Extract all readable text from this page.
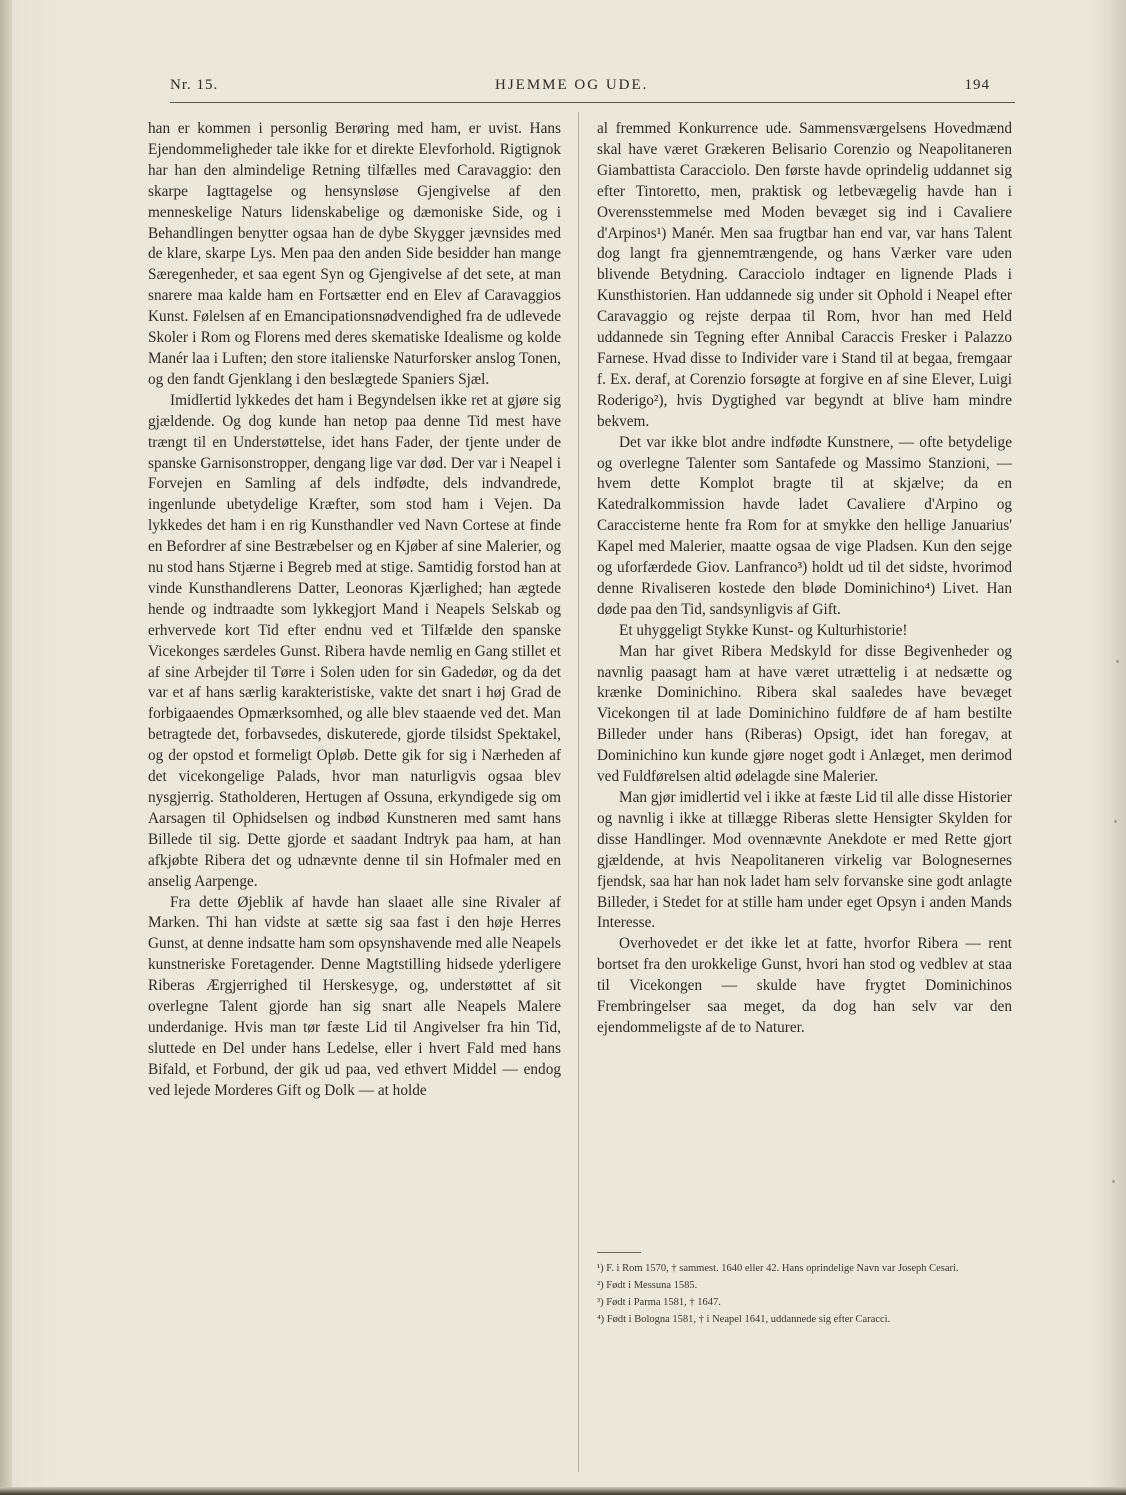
Nr. 15.	HJEMME OG UDE.	194

han er kommen i personlig Berøring med ham, er uvist. Hans Ejendommeligheder tale ikke for et direkte Elevforhold. Rigtignok har han den almindelige Retning tilfælles med Caravaggio: den skarpe Iagttagelse og hensynsløse Gjengivelse af den menneskelige Naturs lidenskabelige og dæmoniske Side, og i Behandlingen benytter ogsaa han de dybe Skygger jævnsides med de klare, skarpe Lys. Men paa den anden Side besidder han mange Særegenheder, et saa egent Syn og Gjengivelse af det sete, at man snarere maa kalde ham en Fortsætter end en Elev af Caravaggios Kunst. Følelsen af en Emancipationsnødvendighed fra de udlevede Skoler i Rom og Florens med deres skematiske Idealisme og kolde Manér laa i Luften; den store italienske Naturforsker anslog Tonen, og den fandt Gjenklang i den beslægtede Spaniers Sjæl.

Imidlertid lykkedes det ham i Begyndelsen ikke ret at gjøre sig gjældende. Og dog kunde han netop paa denne Tid mest have trængt til en Understøttelse, idet hans Fader, der tjente under de spanske Garnisonstropper, dengang lige var død. Der var i Neapel i Forvejen en Samling af dels indfødte, dels indvandrede, ingenlunde ubetydelige Kræfter, som stod ham i Vejen. Da lykkedes det ham i en rig Kunsthandler ved Navn Cortese at finde en Befordrer af sine Bestræbelser og en Kjøber af sine Malerier, og nu stod hans Stjærne i Begreb med at stige. Samtidig forstod han at vinde Kunsthandlerens Datter, Leonoras Kjærlighed; han ægtede hende og indtraadte som lykkegjort Mand i Neapels Selskab og erhvervede kort Tid efter endnu ved et Tilfælde den spanske Vicekonges særdeles Gunst. Ribera havde nemlig en Gang stillet et af sine Arbejder til Tørre i Solen uden for sin Gadedør, og da det var et af hans særlig karakteristiske, vakte det snart i høj Grad de forbigaaendes Opmærksomhed, og alle blev staaende ved det. Man betragtede det, forbavsedes, diskuterede, gjorde tilsidst Spektakel, og der opstod et formeligt Opløb. Dette gik for sig i Nærheden af det vicekongelige Palads, hvor man naturligvis ogsaa blev nysgjerrig. Statholderen, Hertugen af Ossuna, erkyndigede sig om Aarsagen til Ophidselsen og indbød Kunstneren med samt hans Billede til sig. Dette gjorde et saadant Indtryk paa ham, at han afkjøbte Ribera det og udnævnte denne til sin Hofmaler med en anselig Aarpenge.

Fra dette Øjeblik af havde han slaaet alle sine Rivaler af Marken. Thi han vidste at sætte sig saa fast i den høje Herres Gunst, at denne indsatte ham som opsynshavende med alle Neapels kunstneriske Foretagender. Denne Magtstilling hidsede yderligere Riberas Ærgjerrighed til Herskesyge, og, understøttet af sit overlegne Talent gjorde han sig snart alle Neapels Malere underdanige. Hvis man tør fæste Lid til Angivelser fra hin Tid, sluttede en Del under hans Ledelse, eller i hvert Fald med hans Bifald, et Forbund, der gik ud paa, ved ethvert Middel — endog ved lejede Morderes Gift og Dolk — at holde

al fremmed Konkurrence ude. Sammensværgelsens Hovedmænd skal have været Grækeren Belisario Corenzio og Neapolitaneren Giambattista Caracciolo. Den første havde oprindelig uddannet sig efter Tintoretto, men, praktisk og letbevægelig havde han i Overensstemmelse med Moden bevæget sig ind i Cavaliere d'Arpinos¹) Manér. Men saa frugtbar han end var, var hans Talent dog langt fra gjennemtrængende, og hans Værker vare uden blivende Betydning. Caracciolo indtager en lignende Plads i Kunsthistorien. Han uddannede sig under sit Ophold i Neapel efter Caravaggio og rejste derpaa til Rom, hvor han med Held uddannede sin Tegning efter Annibal Caraccis Fresker i Palazzo Farnese. Hvad disse to Individer vare i Stand til at begaa, fremgaar f. Ex. deraf, at Corenzio forsøgte at forgive en af sine Elever, Luigi Roderigo²), hvis Dygtighed var begyndt at blive ham mindre bekvem.

Det var ikke blot andre indfødte Kunstnere, — ofte betydelige og overlegne Talenter som Santafede og Massimo Stanzioni, — hvem dette Komplot bragte til at skjælve; da en Katedralkommission havde ladet Cavaliere d'Arpino og Caraccisterne hente fra Rom for at smykke den hellige Januarius' Kapel med Malerier, maatte ogsaa de vige Pladsen. Kun den sejge og uforfærdede Giov. Lanfranco³) holdt ud til det sidste, hvorimod denne Rivaliseren kostede den bløde Dominichino⁴) Livet. Han døde paa den Tid, sandsynligvis af Gift.

Et uhyggeligt Stykke Kunst- og Kulturhistorie!

Man har givet Ribera Medskyld for disse Begivenheder og navnlig paasagt ham at have været utrættelig i at nedsætte og krænke Dominichino. Ribera skal saaledes have bevæget Vicekongen til at lade Dominichino fuldføre de af ham bestilte Billeder under hans (Riberas) Opsigt, idet han foregav, at Dominichino kun kunde gjøre noget godt i Anlæget, men derimod ved Fuldførelsen altid ødelagde sine Malerier.

Man gjør imidlertid vel i ikke at fæste Lid til alle disse Historier og navnlig i ikke at tillægge Riberas slette Hensigter Skylden for disse Handlinger. Mod ovennævnte Anekdote er med Rette gjort gjældende, at hvis Neapolitaneren virkelig var Bolognesernes fjendsk, saa har han nok ladet ham selv forvanske sine godt anlagte Billeder, i Stedet for at stille ham under eget Opsyn i anden Mands Interesse.

Overhovedet er det ikke let at fatte, hvorfor Ribera — rent bortset fra den urokkelige Gunst, hvori han stod og vedblev at staa til Vicekongen — skulde have frygtet Dominichinos Frembringelser saa meget, da dog han selv var den ejendommeligste af de to Naturer.

¹) F. i Rom 1570, † sammest. 1640 eller 42. Hans oprindelige Navn var Joseph Cesari.

²) Født i Messuna 1585.

³) Født i Parma 1581, † 1647.

⁴) Født i Bologna 1581, † i Neapel 1641, uddannede sig efter Caracci.
